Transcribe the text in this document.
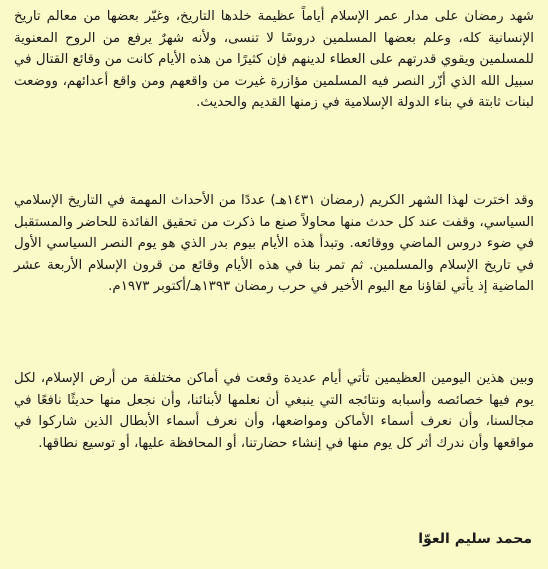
شهد رمضان على مدار عمر الإسلام أياماً عظيمة خلدها التاريخ، وغيّر بعضها من معالم تاريخ الإنسانية كله، وعلم بعضها المسلمين دروسًا لا تنسى، ولأنه شهرٌ يرفع من الروح المعنوية للمسلمين ويقوي قدرتهم على العطاء لدينهم فإن كثيرًا من هذه الأيام كانت من وقائع القتال في سبيل الله الذي أزّر النصر فيه المسلمين مؤازرة غيرت من واقعهم ومن واقع أعدائهم، ووضعت لبنات ثابتة في بناء الدولة الإسلامية في زمنها القديم والحديث.

وقد اخترت لهذا الشهر الكريم (رمضان ١٤٣١هـ) عددًا من الأحداث المهمة في التاريخ الإسلامي السياسي، وقفت عند كل حدث منها محاولاً صنع ما ذكرت من تحقيق الفائدة للحاضر والمستقبل في ضوء دروس الماضي ووقائعه. وتبدأ هذه الأيام بيوم بدر الذي هو يوم النصر السياسي الأول في تاريخ الإسلام والمسلمين. ثم تمر بنا في هذه الأيام وقائع من قرون الإسلام الأربعة عشر الماضية إذ يأتي لقاؤنا مع اليوم الأخير في حرب رمضان ١٣٩٣هـ/أكتوبر ١٩٧٣م.

وبين هذين اليومين العظيمين تأتي أيام عديدة وقعت في أماكن مختلفة من أرض الإسلام، لكل يوم فيها خصائصه وأسبابه ونتائجه التي ينبغي أن نعلمها لأبنائنا، وأن نجعل منها حديثًا نافعًا في مجالسنا، وأن نعرف أسماء الأماكن ومواضعها، وأن نعرف أسماء الأبطال الذين شاركوا في مواقعها وأن ندرك أثر كل يوم منها في إنشاء حضارتنا، أو المحافظة عليها، أو توسيع نطاقها.

محمد سليم العوّا
